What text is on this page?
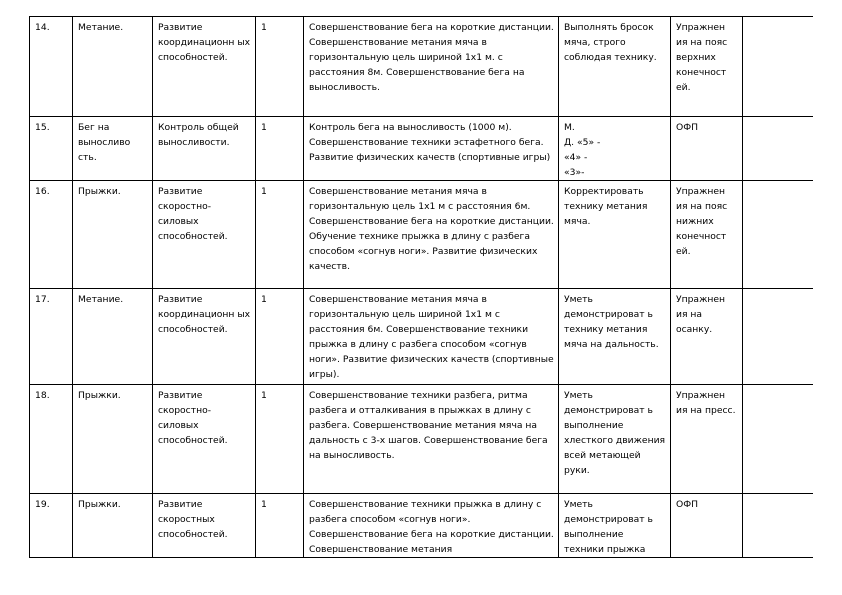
14.	Метание.	Развитие координационн ых способностей.	1	Совершенствование бега на короткие дистанции. Совершенствование метания мяча в горизонтальную цель шириной 1х1 м. с расстояния 8м. Совершенствование бега на выносливость.	Выполнять бросок мяча, строго соблюдая технику.	Упражнен ия на пояс верхних конечност ей.	

15.	Бег на выносливо сть.	Контроль общей выносливости.	1	Контроль бега на выносливость (1000 м). Совершенствование техники эстафетного бега. Развитие физических качеств (спортивные игры)	М.
Д. «5» -
«4» -
«3»-	ОФП	

16.	Прыжки.	Развитие скоростно-силовых способностей.	1	Совершенствование метания мяча в горизонтальную цель 1х1 м с расстояния 6м. Совершенствование бега на короткие дистанции. Обучение технике прыжка в длину с разбега способом «согнув ноги». Развитие физических качеств.	Корректировать технику метания мяча.	Упражнен ия на пояс нижних конечност ей.	

17.	Метание.	Развитие координационн ых способностей.	1	Совершенствование метания мяча в горизонтальную цель шириной 1х1 м с расстояния 6м. Совершенствование техники прыжка в длину с разбега способом «согнув ноги». Развитие физических качеств (спортивные игры).	Уметь демонстрироват ь технику метания мяча на дальность.	Упражнен ия на осанку.	

18.	Прыжки.	Развитие скоростно-силовых способностей.	1	Совершенствование техники разбега, ритма разбега и отталкивания в прыжках в длину с разбега. Совершенствование метания мяча на дальность с 3-х шагов. Совершенствование бега на выносливость.	Уметь демонстрироват ь выполнение хлесткого движения всей метающей руки.	Упражнен ия на пресс.	

19.	Прыжки.	Развитие скоростных способностей.	1	Совершенствование техники прыжка в длину с разбега способом «согнув ноги». Совершенствование бега на короткие дистанции. Совершенствование метания	Уметь демонстрироват ь выполнение техники прыжка	ОФП	
